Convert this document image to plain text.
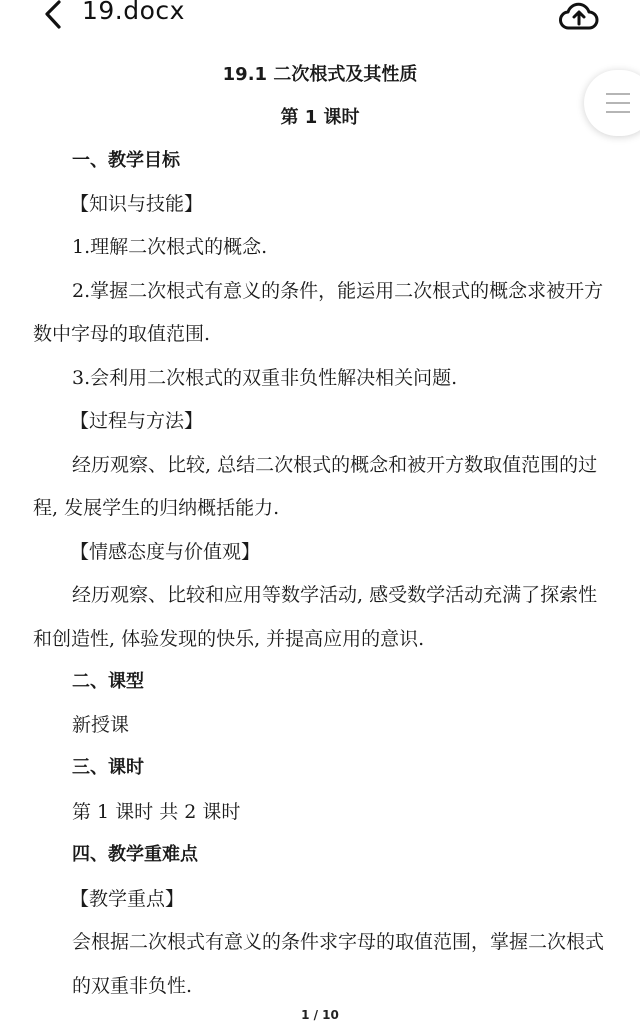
19.docx
19.1 二次根式及其性质
第 1 课时
一、教学目标
【知识与技能】
1.理解二次根式的概念.
2.掌握二次根式有意义的条件，能运用二次根式的概念求被开方
数中字母的取值范围.
3.会利用二次根式的双重非负性解决相关问题.
【过程与方法】
经历观察、比较, 总结二次根式的概念和被开方数取值范围的过
程, 发展学生的归纳概括能力.
【情感态度与价值观】
经历观察、比较和应用等数学活动, 感受数学活动充满了探索性
和创造性, 体验发现的快乐, 并提高应用的意识.
二、课型
新授课
三、课时
第 1 课时 共 2 课时
四、教学重难点
【教学重点】
会根据二次根式有意义的条件求字母的取值范围，掌握二次根式
的双重非负性.
1 / 10
